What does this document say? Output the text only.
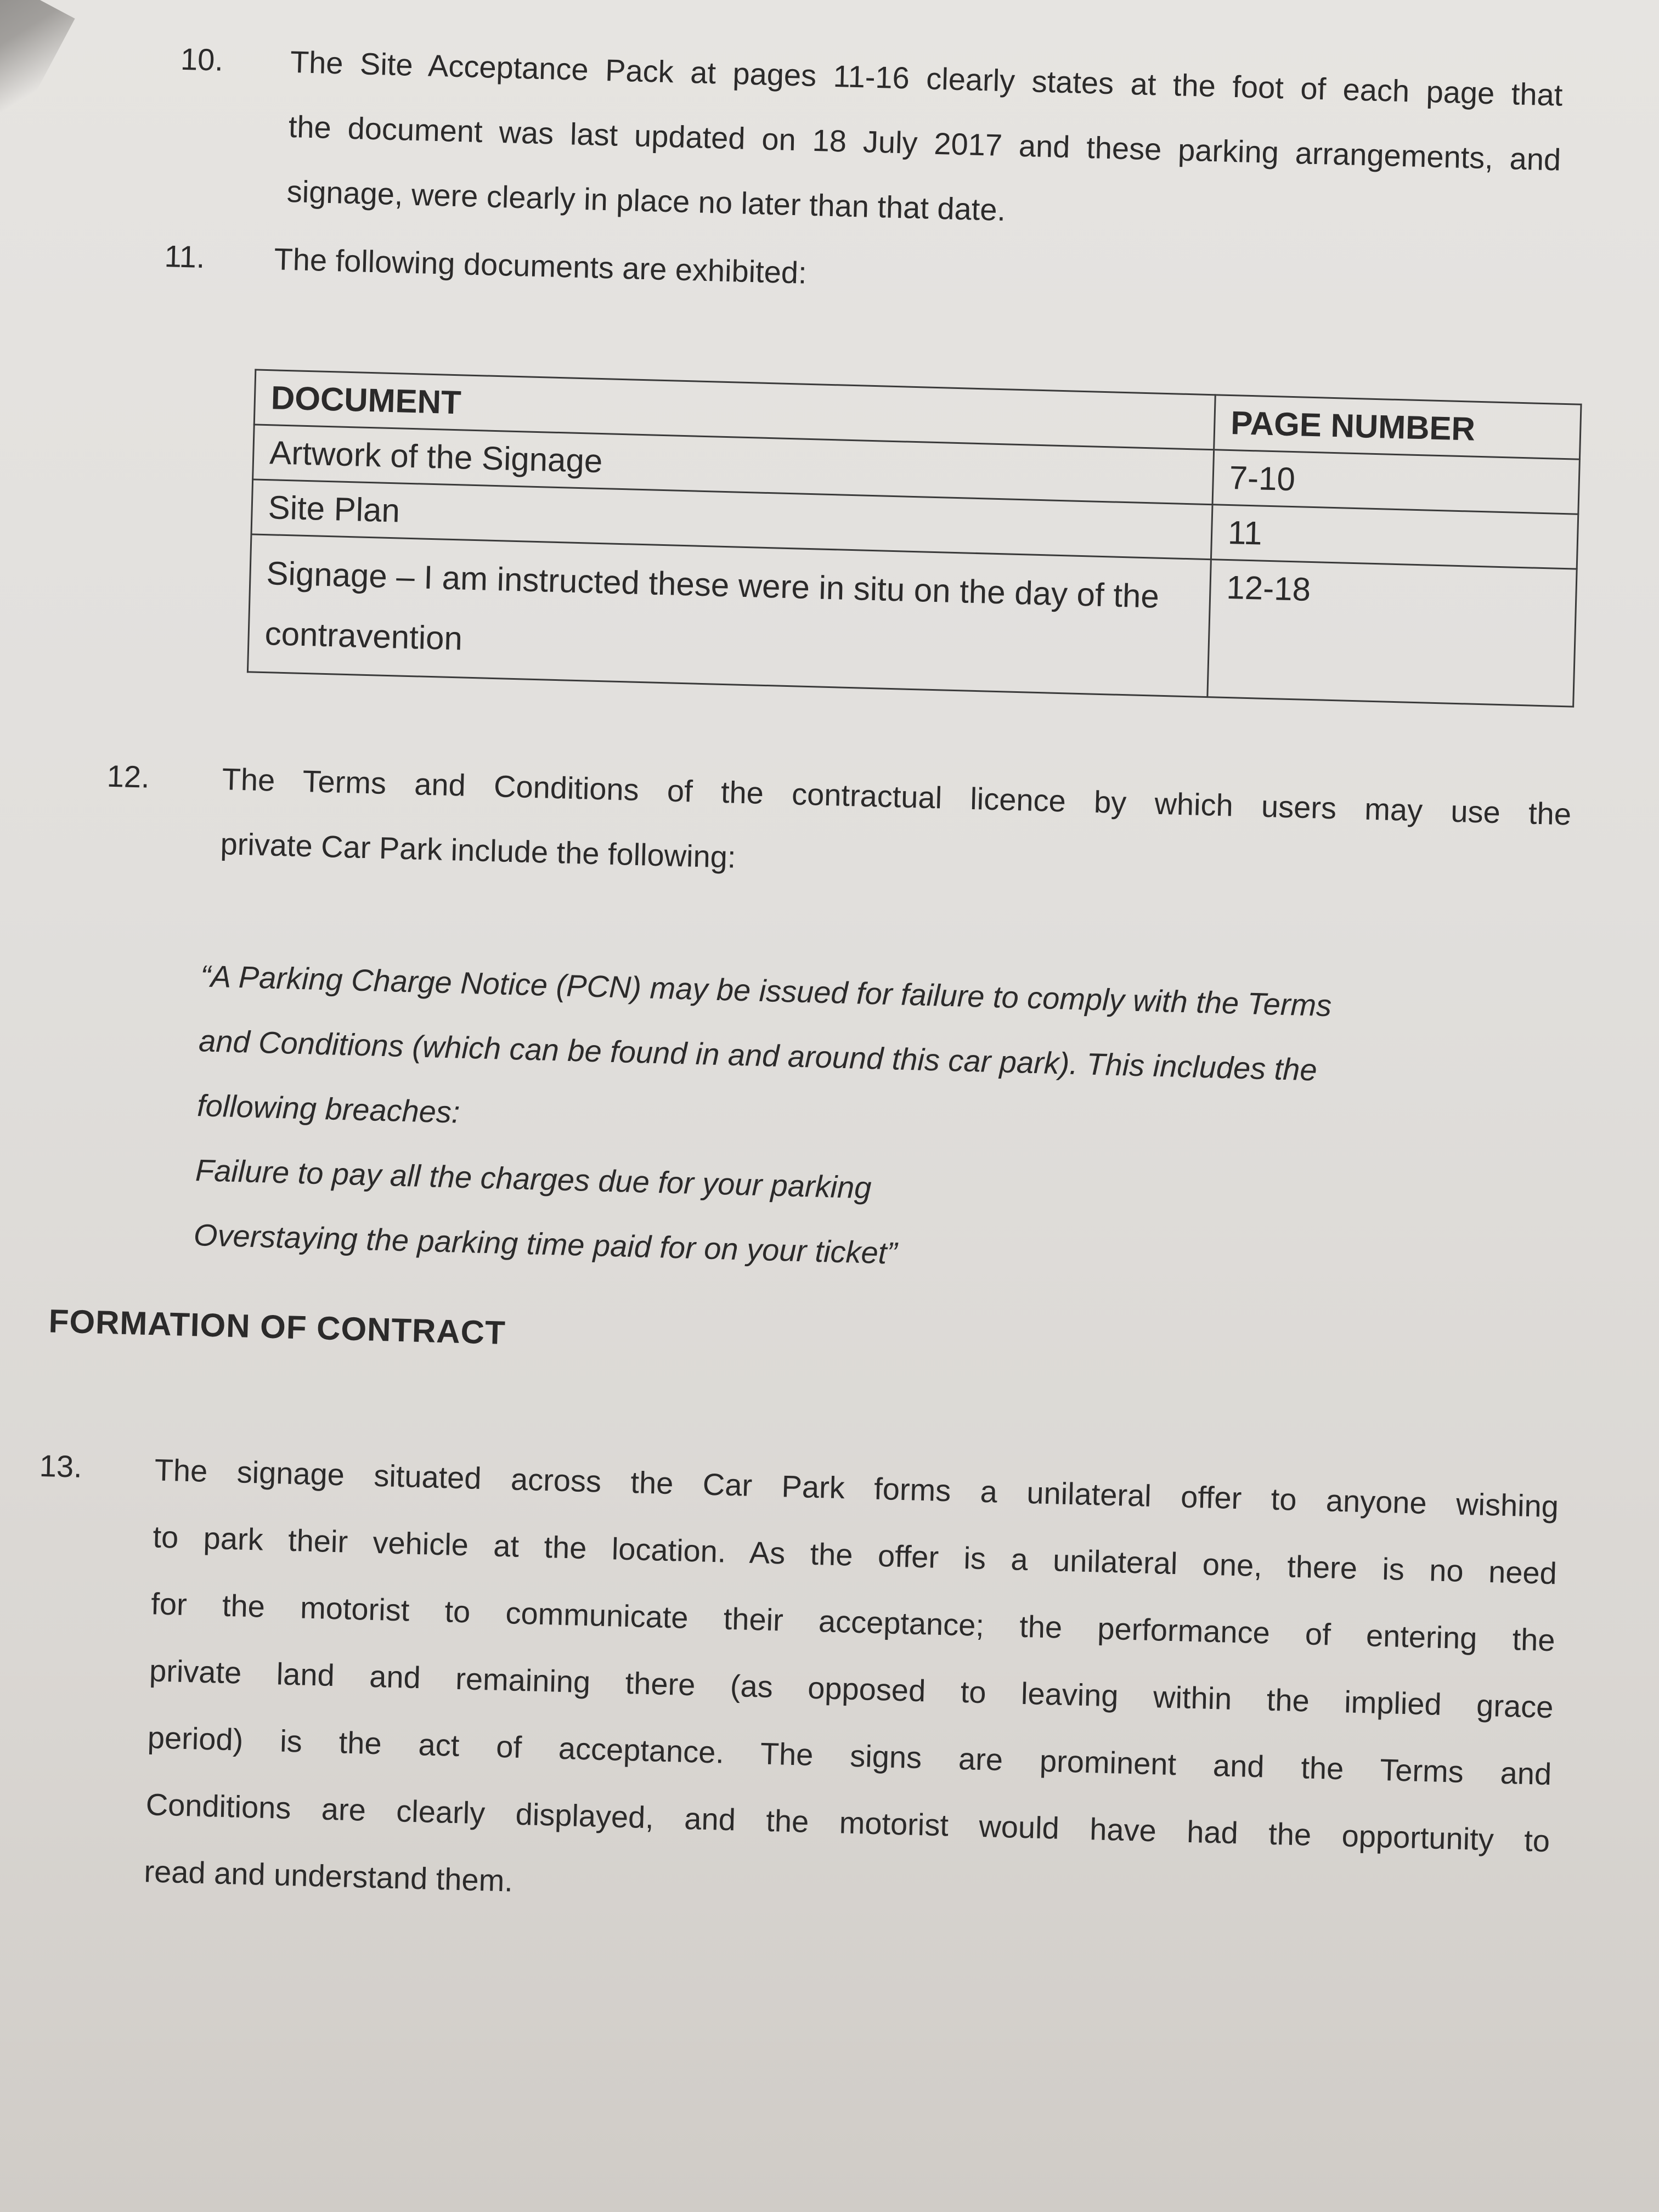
10. The Site Acceptance Pack at pages 11-16 clearly states at the foot of each page that

the document was last updated on 18 July 2017 and these parking arrangements, and

signage, were clearly in place no later than that date.

11. The following documents are exhibited:

DOCUMENT	PAGE NUMBER
Artwork of the Signage	7-10
Site Plan	11
Signage – I am instructed these were in situ on the day of the contravention	12-18
12. The Terms and Conditions of the contractual licence by which users may use the

private Car Park include the following:

“A Parking Charge Notice (PCN) may be issued for failure to comply with the Terms

and Conditions (which can be found in and around this car park). This includes the

following breaches:

Failure to pay all the charges due for your parking

Overstaying the parking time paid for on your ticket”

FORMATION OF CONTRACT
13. The signage situated across the Car Park forms a unilateral offer to anyone wishing

to park their vehicle at the location. As the offer is a unilateral one, there is no need

for the motorist to communicate their acceptance; the performance of entering the

private land and remaining there (as opposed to leaving within the implied grace

period) is the act of acceptance. The signs are prominent and the Terms and

Conditions are clearly displayed, and the motorist would have had the opportunity to

read and understand them.
